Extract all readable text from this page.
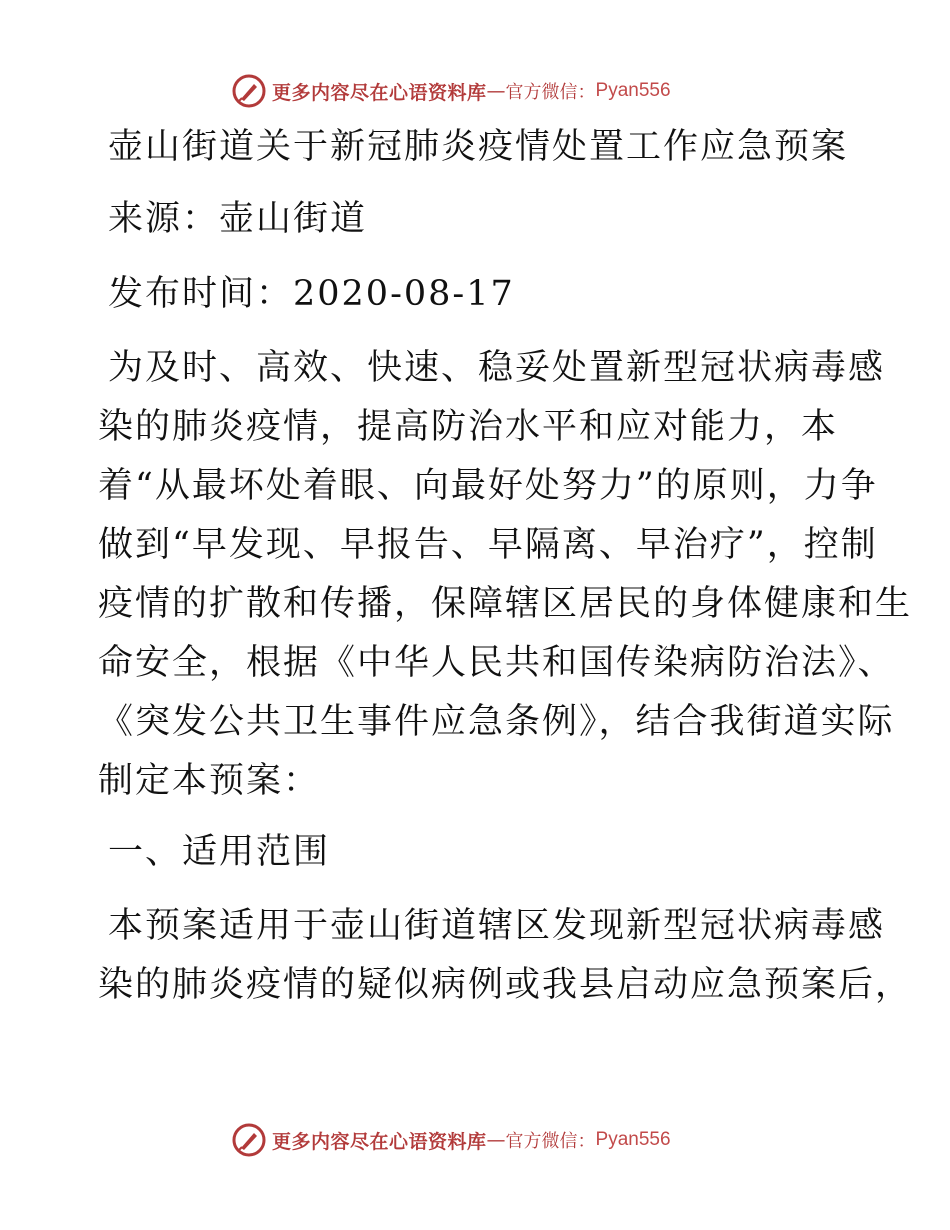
更多内容尽在心语资料库 — 官方微信： Pyan556
壶山街道关于新冠肺炎疫情处置工作应急预案
来源：壶山街道
发布时间：2020-08-17
为及时、高效、快速、稳妥处置新型冠状病毒感
染的肺炎疫情，提高防治水平和应对能力，本
着“从最坏处着眼、向最好处努力”的原则，力争
做到“早发现、早报告、早隔离、早治疗”，控制
疫情的扩散和传播，保障辖区居民的身体健康和生
命安全，根据《中华人民共和国传染病防治法》、
《突发公共卫生事件应急条例》，结合我街道实际
制定本预案：
一、适用范围
本预案适用于壶山街道辖区发现新型冠状病毒感
染的肺炎疫情的疑似病例或我县启动应急预案后，
更多内容尽在心语资料库 — 官方微信： Pyan556
